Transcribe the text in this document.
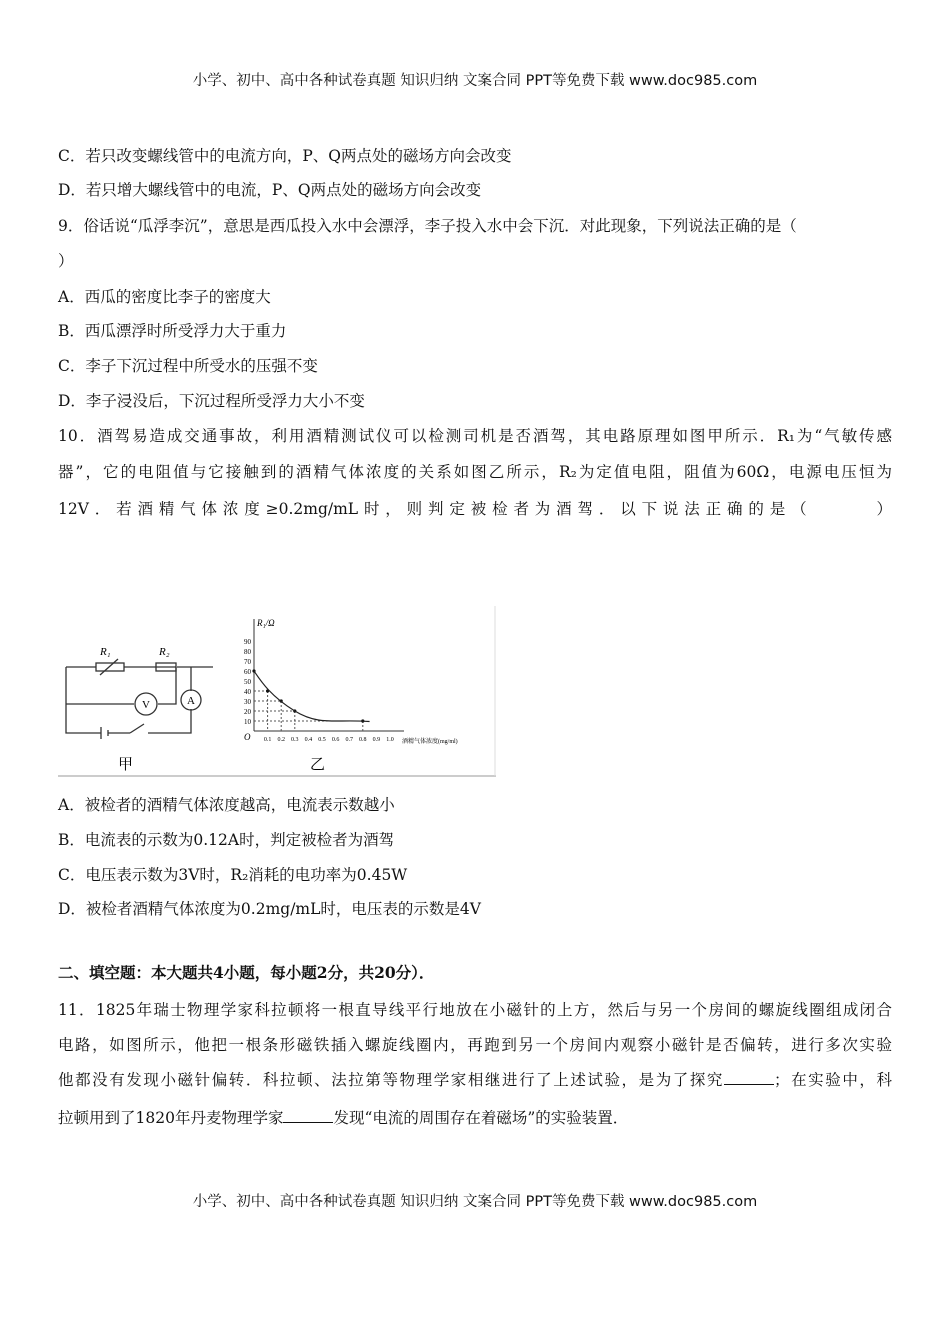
小学、初中、高中各种试卷真题 知识归纳 文案合同 PPT等免费下载 www.doc985.com
C．若只改变螺线管中的电流方向，P、Q两点处的磁场方向会改变
D．若只增大螺线管中的电流，P、Q两点处的磁场方向会改变
9．俗话说“瓜浮李沉”，意思是西瓜投入水中会漂浮，李子投入水中会下沉．对此现象，下列说法正确的是（
）
A．西瓜的密度比李子的密度大
B．西瓜漂浮时所受浮力大于重力
C．李子下沉过程中所受水的压强不变
D．李子浸没后，下沉过程所受浮力大小不变
10．酒驾易造成交通事故，利用酒精测试仪可以检测司机是否酒驾，其电路原理如图甲所示．R₁为“气敏传感
器”，它的电阻值与它接触到的酒精气体浓度的关系如图乙所示，R₂为定值电阻，阻值为60Ω，电源电压恒为
12V．若酒精气体浓度≥0.2mg/mL时，则判定被检者为酒驾．以下说法正确的是（　　　）
R₁	R₂
V	A
甲	乙
R₁/Ω
O	酒精气体浓度(mg/ml)
10
20
30
40
50
60
70
80
90
0.1 0.2 0.3 0.4 0.5 0.6 0.7 0.8 0.9 1.0
A．被检者的酒精气体浓度越高，电流表示数越小
B．电流表的示数为0.12A时，判定被检者为酒驾
C．电压表示数为3V时，R₂消耗的电功率为0.45W
D．被检者酒精气体浓度为0.2mg/mL时，电压表的示数是4V
二、填空题：本大题共4小题，每小题2分，共20分）．
11．1825年瑞士物理学家科拉顿将一根直导线平行地放在小磁针的上方，然后与另一个房间的螺旋线圈组成闭合
电路，如图所示，他把一根条形磁铁插入螺旋线圈内，再跑到另一个房间内观察小磁针是否偏转，进行多次实验
他都没有发现小磁针偏转．科拉顿、法拉第等物理学家相继进行了上述试验，是为了探究	；在实验中，科
拉顿用到了1820年丹麦物理学家	发现“电流的周围存在着磁场”的实验装置．
小学、初中、高中各种试卷真题 知识归纳 文案合同 PPT等免费下载 www.doc985.com
